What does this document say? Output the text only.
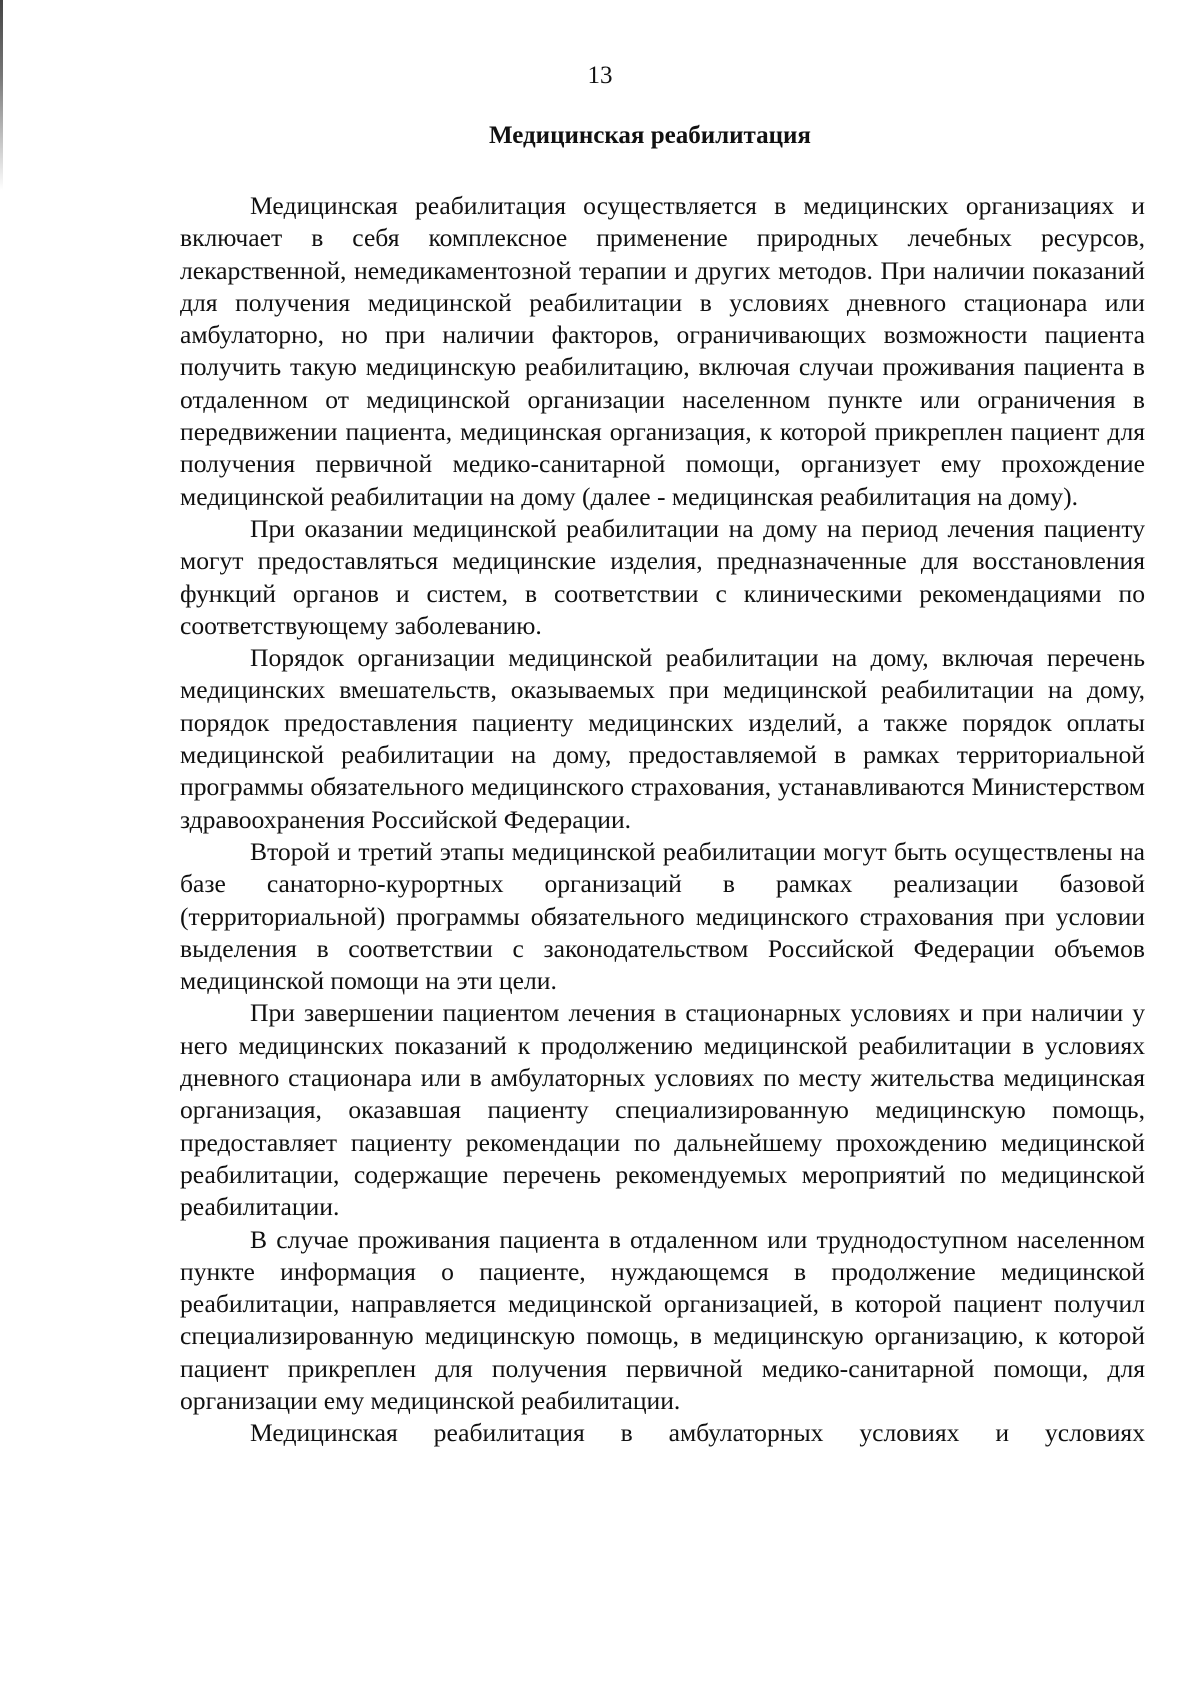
13
Медицинская реабилитация

Медицинская реабилитация осуществляется в медицинских организациях и включает в себя комплексное применение природных лечебных ресурсов, лекарственной, немедикаментозной терапии и других методов. При наличии показаний для получения медицинской реабилитации в условиях дневного стационара или амбулаторно, но при наличии факторов, ограничивающих возможности пациента получить такую медицинскую реабилитацию, включая случаи проживания пациента в отдаленном от медицинской организации населенном пункте или ограничения в передвижении пациента, медицинская организация, к которой прикреплен пациент для получения первичной медико-санитарной помощи, организует ему прохождение медицинской реабилитации на дому (далее - медицинская реабилитация на дому).

При оказании медицинской реабилитации на дому на период лечения пациенту могут предоставляться медицинские изделия, предназначенные для восстановления функций органов и систем, в соответствии с клиническими рекомендациями по соответствующему заболеванию.

Порядок организации медицинской реабилитации на дому, включая перечень медицинских вмешательств, оказываемых при медицинской реабилитации на дому, порядок предоставления пациенту медицинских изделий, а также порядок оплаты медицинской реабилитации на дому, предоставляемой в рамках территориальной программы обязательного медицинского страхования, устанавливаются Министерством здравоохранения Российской Федерации.

Второй и третий этапы медицинской реабилитации могут быть осуществлены на базе санаторно-курортных организаций в рамках реализации базовой (территориальной) программы обязательного медицинского страхования при условии выделения в соответствии с законодательством Российской Федерации объемов медицинской помощи на эти цели.

При завершении пациентом лечения в стационарных условиях и при наличии у него медицинских показаний к продолжению медицинской реабилитации в условиях дневного стационара или в амбулаторных условиях по месту жительства медицинская организация, оказавшая пациенту специализированную медицинскую помощь, предоставляет пациенту рекомендации по дальнейшему прохождению медицинской реабилитации, содержащие перечень рекомендуемых мероприятий по медицинской реабилитации.

В случае проживания пациента в отдаленном или труднодоступном населенном пункте информация о пациенте, нуждающемся в продолжение медицинской реабилитации, направляется медицинской организацией, в которой пациент получил специализированную медицинскую помощь, в медицинскую организацию, к которой пациент прикреплен для получения первичной медико-санитарной помощи, для организации ему медицинской реабилитации.

Медицинская реабилитация в амбулаторных условиях и условиях
